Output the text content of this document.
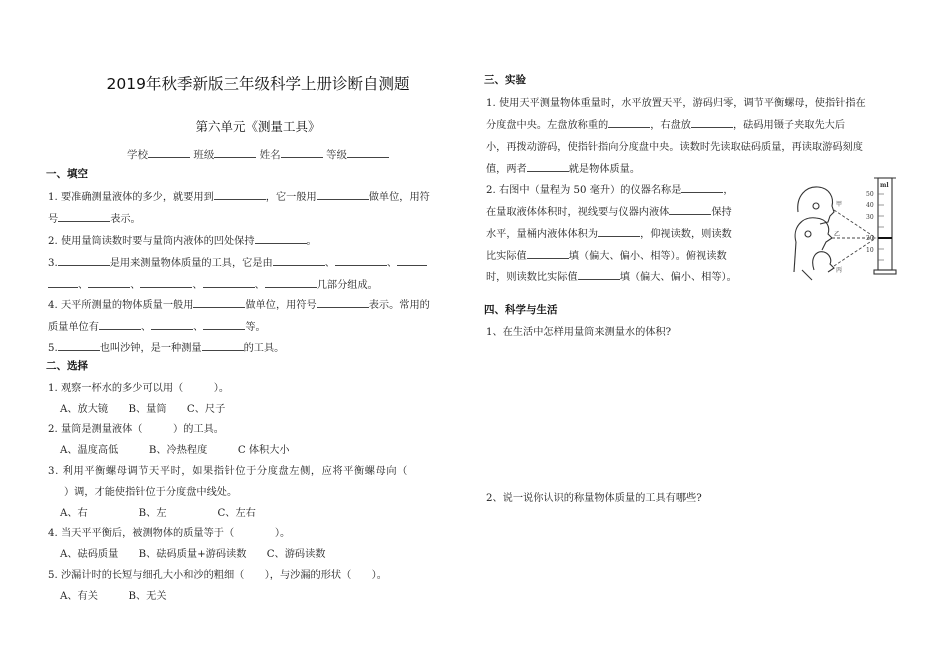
2019年秋季新版三年级科学上册诊断自测题
第六单元《测量工具》
学校	班级	姓名	等级
一、填空
1. 要准确测量液体的多少，就要用到	，它一般用	做单位，用符
号	表示。
2. 使用量筒读数时要与量筒内液体的凹处保持	。
3.	是用来测量物体质量的工具，它是由	、	、
、	、	、	、	几部分组成。
4. 天平所测量的物体质量一般用	做单位，用符号	表示。常用的
质量单位有	、	、	等。
5.	也叫沙钟，是一种测量	的工具。
二、选择
1. 观察一杯水的多少可以用（　　　）。
A、放大镜　　B、量筒　　C、尺子
2. 量筒是测量液体（　　　）的工具。
A、温度高低　　　B、冷热程度　　　C 体积大小
3. 利用平衡螺母调节天平时，如果指针位于分度盘左侧，应将平衡螺母向（
）调，才能使指针位于分度盘中线处。
A、右　　　　　B、左　　　　　C、左右
4. 当天平平衡后，被测物体的质量等于（　　　　）。
A、砝码质量　　B、砝码质量+游码读数　　C、游码读数
5. 沙漏计时的长短与细孔大小和沙的粗细（　　），与沙漏的形状（　　）。
A、有关　　　B、无关
三、实验
1. 使用天平测量物体重量时，水平放置天平，游码归零，调节平衡螺母，使指针指在
分度盘中央。左盘放称重的	，右盘放	，砝码用镊子夹取先大后
小，再拨动游码，使指针指向分度盘中央。读数时先读取砝码质量，再读取游码刻度
值，两者	就是物体质量。
2. 右图中（量程为 50 毫升）的仪器名称是	，
在量取液体体积时，视线要与仪器内液体	保持
水平，量桶内液体体积为	，仰视读数，则读数
比实际值	填（偏大、偏小、相等）。俯视读数
时，则读数比实际值	填（偏大、偏小、相等）。
甲
乙
丙
ml
50
40
30
20
10
四、科学与生活
1、在生活中怎样用量筒来测量水的体积?
2、说一说你认识的称量物体质量的工具有哪些?
